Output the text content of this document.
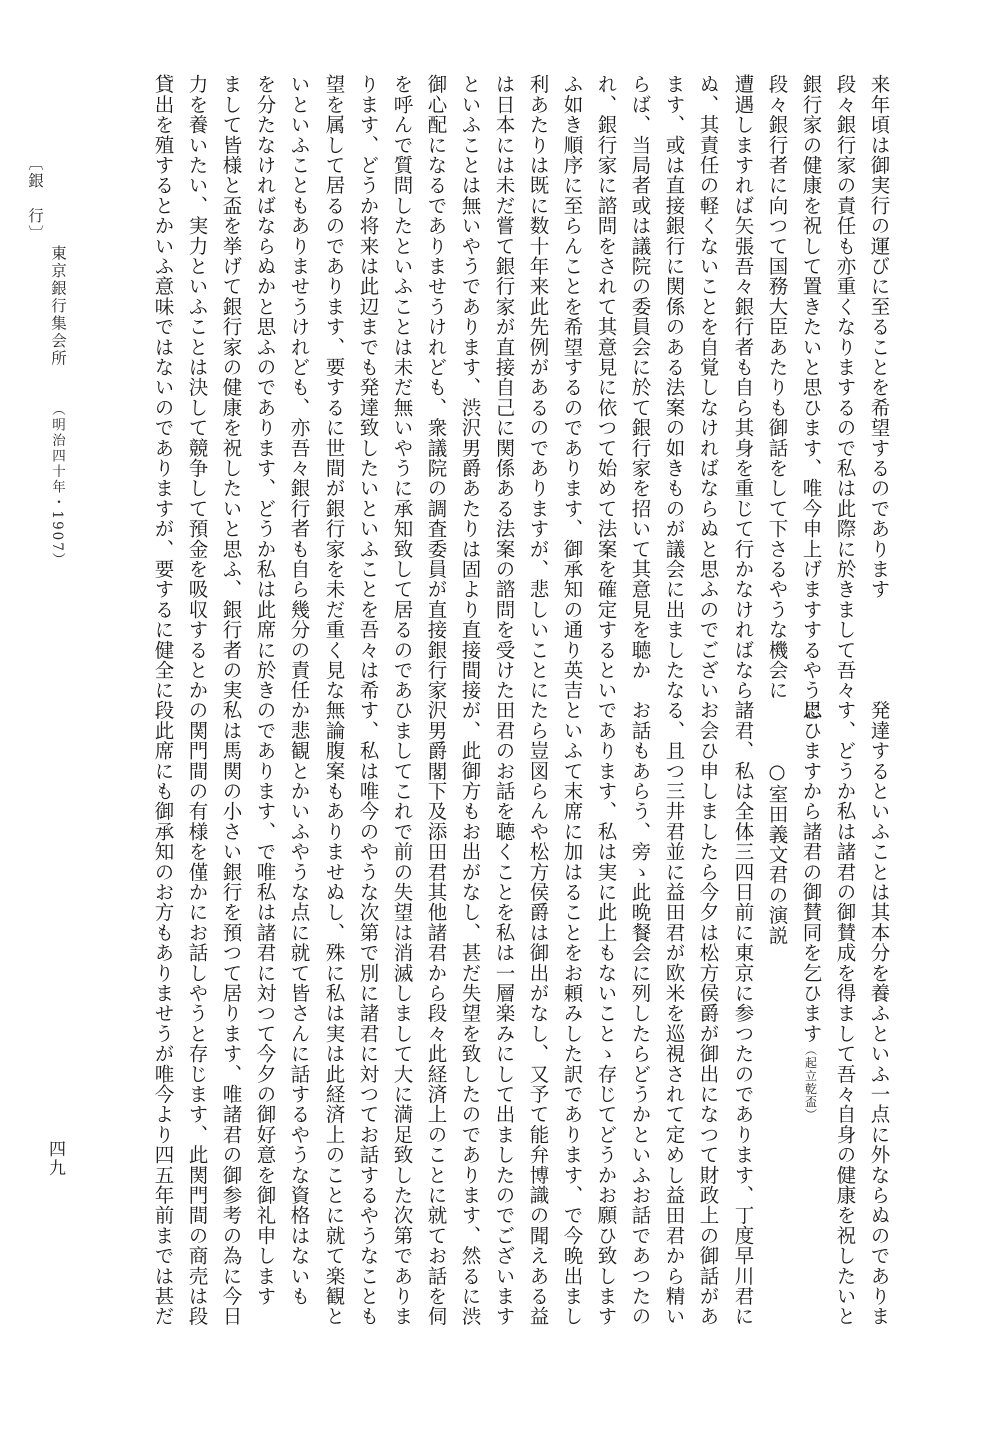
〔銀　行〕
東京銀行集会所
（明治四十年・1907）	来年頃は御実行の運びに至ることを希望するのであります
段々銀行家の責任も亦重くなりまするので私は此際に於きまして吾々
銀行家の健康を祝して置きたいと思ひます、唯今申上げますするやうに
段々銀行者に向つて国務大臣あたりも御話をして下さるやうな機会に
遭遇しますれば矢張吾々銀行者も自ら其身を重じて行かなければなら
ぬ、其責任の軽くないことを自覚しなければならぬと思ふのでござい
ます、或は直接銀行に関係のある法案の如きものが議会に出ましたな
らば、当局者或は議院の委員会に於て銀行家を招いて其意見を聴か
れ、銀行家に諮問をされて其意見に依つて始めて法案を確定するとい
ふ如き順序に至らんことを希望するのであります、御承知の通り英吉
利あたりは既に数十年来此先例があるのでありますが、悲しいことに
は日本には未だ嘗て銀行家が直接自己に関係ある法案の諮問を受けた
といふことは無いやうであります、渋沢男爵あたりは固より直接間接
御心配になるでありませうけれども、衆議院の調査委員が直接銀行家
を呼んで質問したといふことは未だ無いやうに承知致して居るのであ
ります、どうか将来は此辺までも発達致したいといふことを吾々は希
望を属して居るのであります、要するに世間が銀行家を未だ重く見な
いといふこともありませうけれども、亦吾々銀行者も自ら幾分の責任
を分たなければならぬかと思ふのであります、どうか私は此席に於き
まして皆様と盃を挙げて銀行家の健康を祝したいと思ふ、銀行者の実
力を養いたい、実力といふことは決して競争して預金を吸収するとか
貸出を殖するとかいふ意味ではないのでありますが、要するに健全に
発達するといふことは其本分を養ふといふ一点に外ならぬのでありま
す、どうか私は諸君の御賛成を得まして吾々自身の健康を祝したいと
思ひますから諸君の御賛同を乞ひます（起立乾盃）
○室田義文君の演説
諸君、私は全体三四日前に東京に参つたのであります、丁度早川君に
お会ひ申しましたら今夕は松方侯爵が御出になつて財政上の御話があ
る、且つ三井君並に益田君が欧米を巡視されて定めし益田君から精い
お話もあらう、旁ゝ此晩餐会に列したらどうかといふお話であつたの
であります、私は実に此上もないことゝ存じてどうかお願ひ致します
といふて末席に加はることをお頼みした訳であります、で今晩出まし
たら豈図らんや松方侯爵は御出がなし、又予て能弁博識の聞えある益
田君のお話を聴くことを私は一層楽みにして出ましたのでございます
が、此御方もお出がなし、甚だ失望を致したのであります、然るに渋
沢男爵閣下及添田君其他諸君から段々此経済上のことに就てお話を伺
ひましてこれで前の失望は消滅しまして大に満足致した次第でありま
す、私は唯今のやうな次第で別に諸君に対つてお話するやうなことも
無論腹案もありませぬし、殊に私は実は此経済上のことに就て楽観と
か悲観とかいふやうな点に就て皆さんに話するやうな資格はないも
のであります、で唯私は諸君に対つて今夕の御好意を御礼申します
私は馬関の小さい銀行を預つて居ります、唯諸君の御参考の為に今日
の関門間の有様を僅かにお話しやうと存じます、此関門間の商売は段
段此席にも御承知のお方もありませうが唯今より四五年前までは甚だ
四九
